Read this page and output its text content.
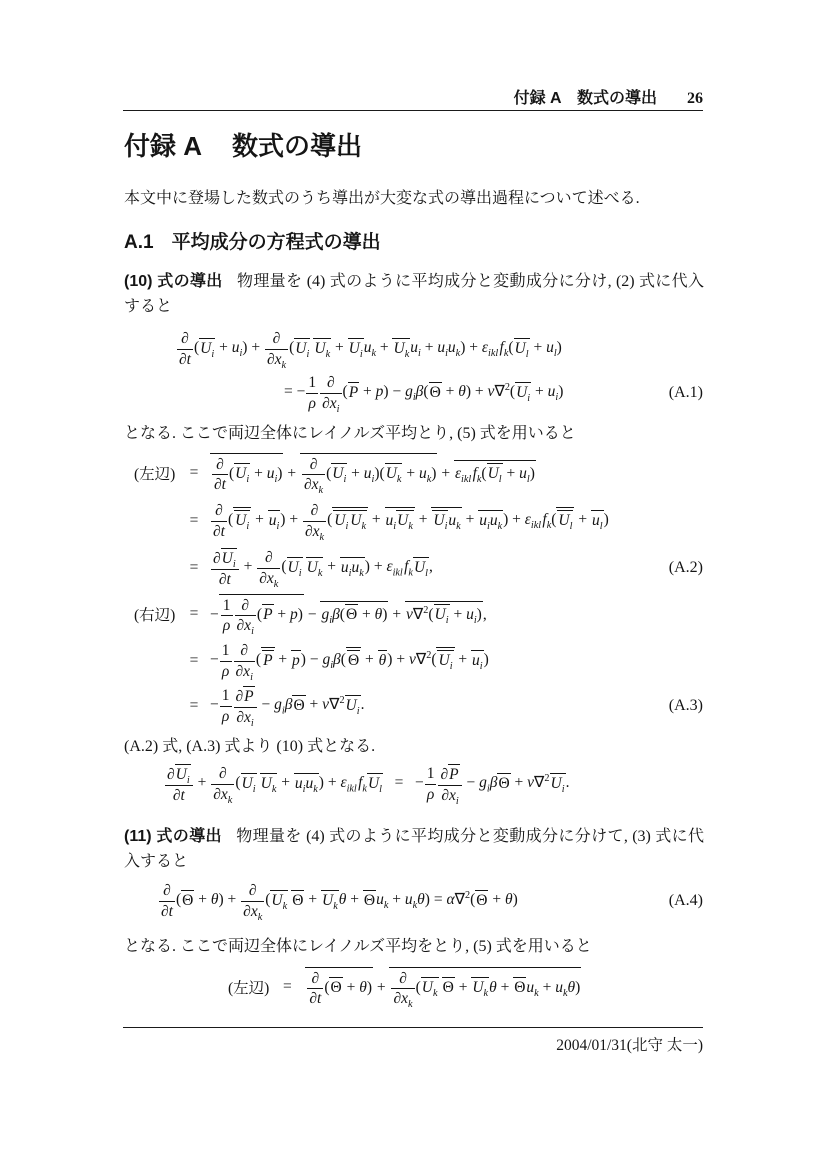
付録 A　数式の導出 26
付録 A 数式の導出

本文中に登場した数式のうち導出が大変な式の導出過程について述べる.

A.1 平均成分の方程式の導出

(10) 式の導出 物理量を (4) 式のように平均成分と変動成分に分け, (2) 式に代入すると

∂
∂t
$(U_i + u_i)$ +
∂
$\partial x_k$
($U_i$  $U_k + U_iu_k + U_ku_i + u_iu_k) + \varepsilon_{ikl}$ $f_k(U_l + u_l)$
= − $\frac{1}{\rho}$ ∂
$\partial x_i$
$(P + p) - g_i\beta(\Theta + \theta) + \nu\nabla^2(U_i + u_i)$	(A.1)

となる. ここで両辺全体にレイノルズ平均とり, (5) 式を用いると

(左辺) = ∂
∂t
$(U_i + u_i)$ +
∂
$\partial x_k$
$(U_i + u_i)(U_k + u_k) + \varepsilon_{ikl}$ $f_k(U_l + u_l)$
=
∂
∂t
( $U_i + u_i$) +
∂
$\partial x_k$
( $U_i$ $U_k + u_iU_k + U_iu_k + u_iu_k) + \varepsilon_{ikl}$ $f_k$( $U_l + u_l$)
= $\frac{\partial U_i}{\partial t}$ +
∂
$\partial x_k$
($U_i$  $U_k + u_iu_k) + \varepsilon_{ikl}$ $f_kU_l$,	(A.2)
(右辺) = − $\frac{1}{\rho}$ ∂
$\partial x_i$
$(P + p) - g_i\beta(\Theta + \theta) + \nu\nabla^2(U_i + u_i)$,
= − $\frac{1}{\rho}$ ∂
$\partial x_i$
( $P + p) - g_i\beta$( Θ + θ) + ν∇$^2$( $U_i + u_i$)
= − $\frac{1}{\rho} \frac{\partial P}{\partial x_i} - g_i\beta\Theta + \nu\nabla^2U_i$.	(A.3)

(A.2) 式, (A.3) 式より (10) 式となる.

$\frac{\partial U_i}{\partial t}$ +
∂
$\partial x_k$
($U_i$  $U_k + u_iu_k) + \varepsilon_{ikl}$ $f_kU_l$   =   − $\frac{1}{\rho} \frac{\partial P}{\partial x_i} - g_i\beta\Theta + \nu\nabla^2U_i$.

(11) 式の導出 物理量を (4) 式のように平均成分と変動成分に分けて, (3) 式に代入すると

∂
∂t
(Θ + θ) +
∂
$\partial x_k$
($U_k$  $\Theta + U_k\theta + \Theta u_k + u_k\theta) = \alpha\nabla^2(\Theta + \theta)$	(A.4)

となる. ここで両辺全体にレイノルズ平均をとり, (5) 式を用いると

(左辺) = ∂
∂t
(Θ + θ) +
∂
$\partial x_k$
($U_k$  $\Theta + U_k\theta + \Theta u_k + u_k\theta$)
2004/01/31(北守 太一)
